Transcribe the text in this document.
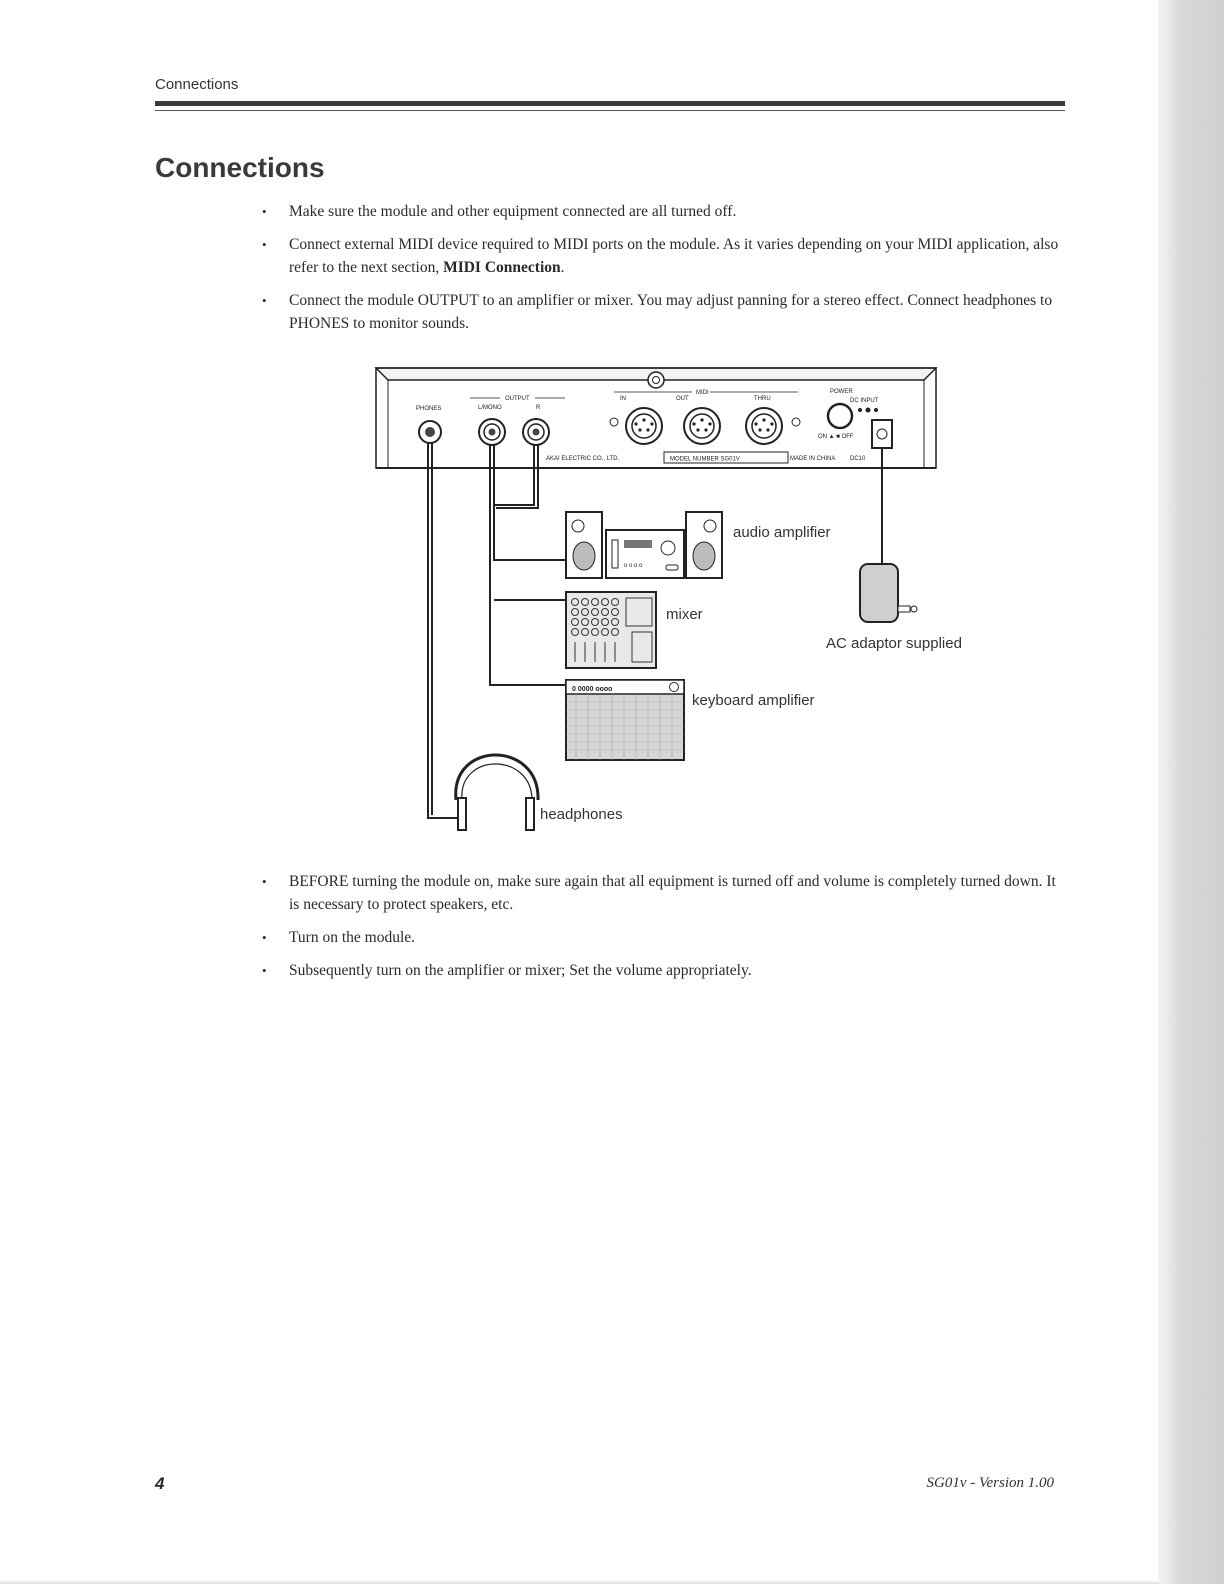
Connections
Connections
• Make sure the module and other equipment connected are all turned off.
• Connect external MIDI device required to MIDI ports on the module. As it varies depending on your MIDI application, also refer to the next section, MIDI Connection.
• Connect the module OUTPUT to an amplifier or mixer. You may adjust panning for a stereo effect. Connect headphones to PHONES to monitor sounds.
PHONES
OUTPUT
L/MONO	R
MIDI
IN	OUT	THRU
POWER
DC INPUT
ON ▲ ■ OFF
AKAI ELECTRIC CO., LTD.	MODEL NUMBER SG01V	MADE IN CHINA DC10
o o o o
audio amplifier
mixer
AC adaptor supplied
0 0000 oooo
keyboard amplifier
headphones
• BEFORE turning the module on, make sure again that all equipment is turned off and volume is completely turned down. It is necessary to protect speakers, etc.
• Turn on the module.
• Subsequently turn on the amplifier or mixer; Set the volume appropriately.
4	SG01v - Version 1.00
